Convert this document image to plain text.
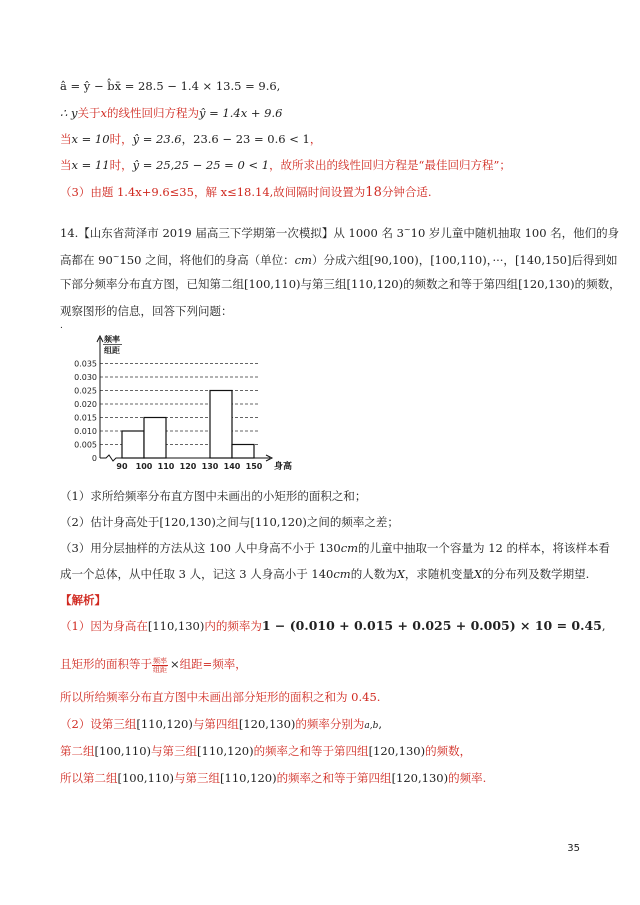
â = ŷ − b̂x̄ = 28.5 − 1.4 × 13.5 = 9.6,
∴ y关于x的线性回归方程为ŷ = 1.4x + 9.6
当x = 10时，ŷ = 23.6，23.6 − 23 = 0.6 < 1，
当x = 11时，ŷ = 25,25 − 25 = 0 < 1，故所求出的线性回归方程是“最佳回归方程”；
（3）由题 1.4x+9.6≤35，解 x≤18.14,故间隔时间设置为18分钟合适.
14.【山东省菏泽市 2019 届高三下学期第一次模拟】从 1000 名 3~10 岁儿童中随机抽取 100 名，他们的身
高都在 90~150 之间，将他们的身高（单位：cm）分成六组[90,100)，[100,110)，···，[140,150]后得到如
下部分频率分布直方图，已知第二组[100,110)与第三组[110,120)的频数之和等于第四组[120,130)的频数，
观察图形的信息，回答下列问题：
.
0
0.005
0.010
0.015
0.020
0.025
0.030
0.035
90 100 110 120 130 140 150 身高
频率
组距
（1）求所给频率分布直方图中未画出的小矩形的面积之和；
（2）估计身高处于[120,130)之间与[110,120)之间的频率之差；
（3）用分层抽样的方法从这 100 人中身高不小于 130cm的儿童中抽取一个容量为 12 的样本，将该样本看
成一个总体，从中任取 3 人，记这 3 人身高小于 140cm的人数为X，求随机变量X的分布列及数学期望.
【解析】
（1）因为身高在[110,130)内的频率为1 − (0.010 + 0.015 + 0.025 + 0.005) × 10 = 0.45,
且矩形的面积等于 $\frac{\text{频率}}{\text{组距}}$ ×组距=频率，
所以所给频率分布直方图中未画出部分矩形的面积之和为 0.45.
（2）设第三组[110,120)与第四组[120,130)的频率分别为a,b,
第二组[100,110)与第三组[110,120)的频率之和等于第四组[120,130)的频数，
所以第二组[100,110)与第三组[110,120)的频率之和等于第四组[120,130)的频率.
35
